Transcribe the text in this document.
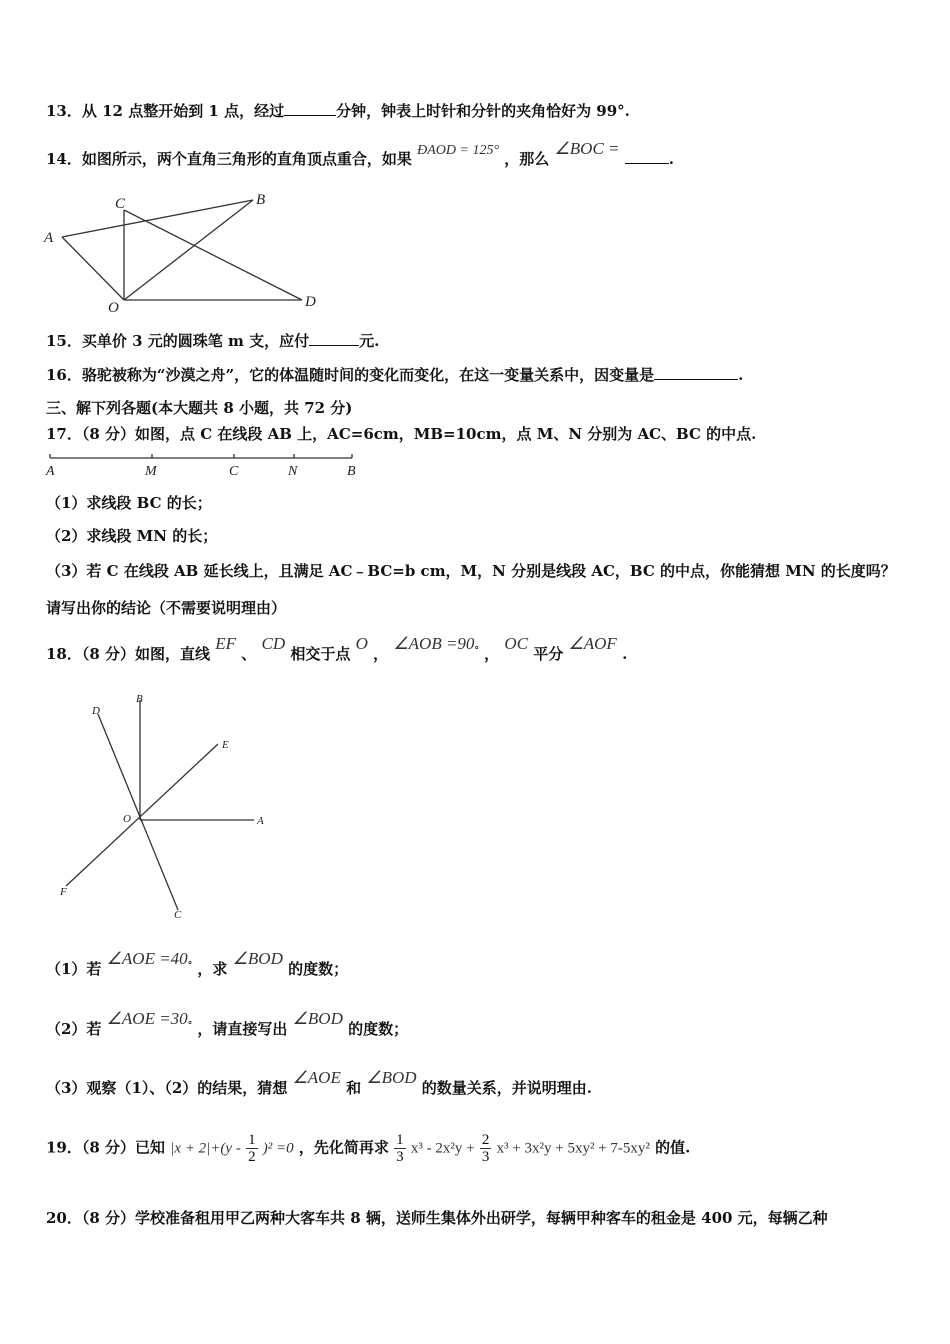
13．从 12 点整开始到 1 点，经过	分钟，钟表上时针和分针的夹角恰好为 99°.
14．如图所示，两个直角三角形的直角顶点重合，如果 ÐAOD = 125° ，那么 ∠BOC = .
A
B
C
O	D
15．买单价 3 元的圆珠笔 m 支，应付	元.
16．骆驼被称为“沙漠之舟”，它的体温随时间的变化而变化，在这一变量关系中，因变量是	.
三、解下列各题(本大题共 8 小题，共 72 分)
17．（8 分）如图，点 C 在线段 AB 上，AC=6cm，MB=10cm，点 M、N 分别为 AC、BC 的中点.
A	M	C	N	B
（1）求线段 BC 的长；
（2）求线段 MN 的长；
（3）若 C 在线段 AB 延长线上，且满足 AC﹣BC=b cm，M，N 分别是线段 AC，BC 的中点，你能猜想 MN 的长度吗？
请写出你的结论（不需要说明理由）
18．（8 分）如图，直线 EF 、 CD 相交于点 O ， ∠AOB =90° ， OC 平分 ∠AOF .
D
B
E
O	A
F
C
（1）若 ∠AOE =40° ，求 ∠BOD 的度数；
（2）若 ∠AOE =30° ，请直接写出 ∠BOD 的度数；
（3）观察（1）、（2）的结果，猜想 ∠AOE 和 ∠BOD 的数量关系，并说明理由.
19．（8 分）已知 $|x + 2|+(y - \frac{1}{2} )^2 =0$ ，先化简再求 $\frac{1}{3} x^3 - 2x^2y + \frac{2}{3} x^3 + 3x^2y + 5xy^2 + 7-5xy^2$ 的值.
20．（8 分）学校准备租用甲乙两种大客车共 8 辆，送师生集体外出研学，每辆甲种客车的租金是 400 元，每辆乙种
